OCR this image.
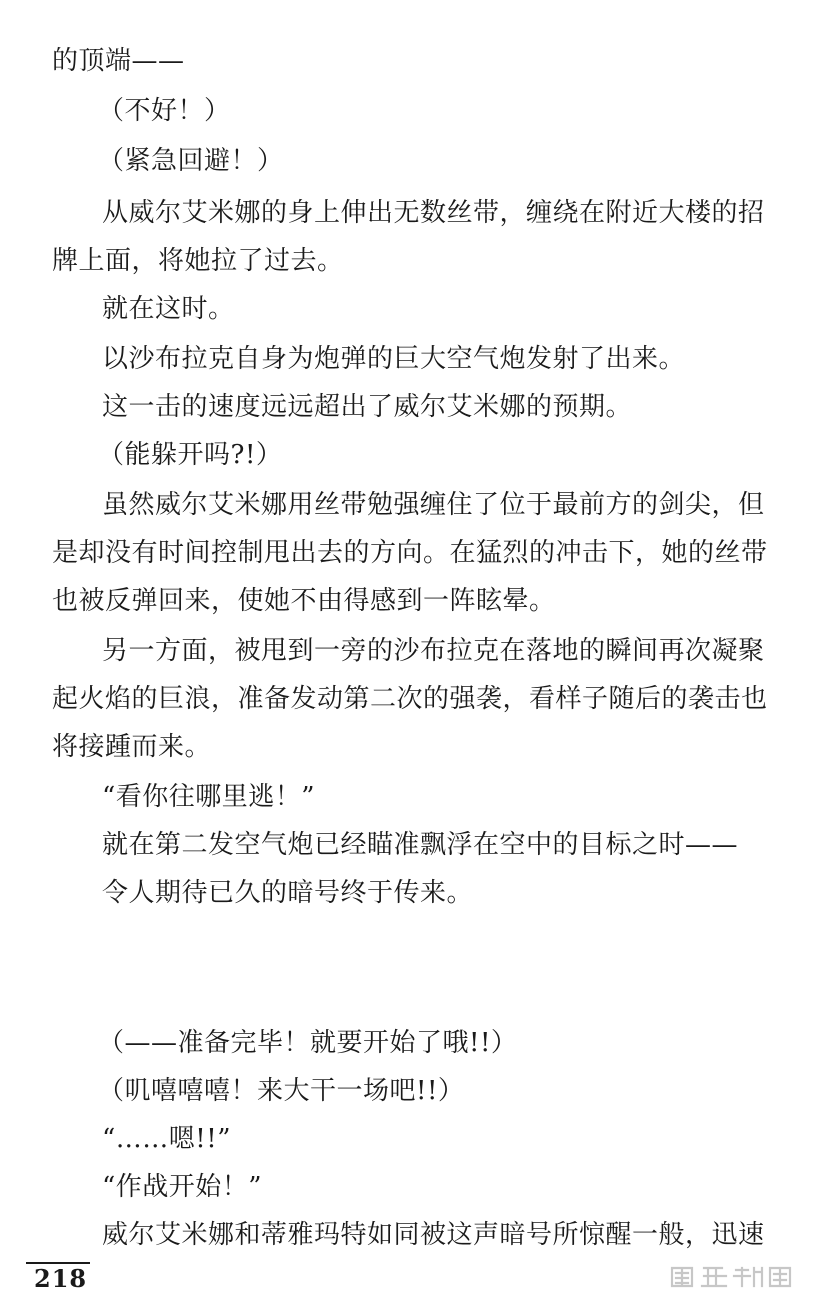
的顶端——
（不好！）
（紧急回避！）
从威尔艾米娜的身上伸出无数丝带，缠绕在附近大楼的招
牌上面，将她拉了过去。
就在这时。
以沙布拉克自身为炮弹的巨大空气炮发射了出来。
这一击的速度远远超出了威尔艾米娜的预期。
（能躲开吗?!）
虽然威尔艾米娜用丝带勉强缠住了位于最前方的剑尖，但
是却没有时间控制甩出去的方向。在猛烈的冲击下，她的丝带
也被反弹回来，使她不由得感到一阵眩晕。
另一方面，被甩到一旁的沙布拉克在落地的瞬间再次凝聚
起火焰的巨浪，准备发动第二次的强袭，看样子随后的袭击也
将接踵而来。
“看你往哪里逃！”
就在第二发空气炮已经瞄准飘浮在空中的目标之时——
令人期待已久的暗号终于传来。
（——准备完毕！就要开始了哦!!）
（叽嘻嘻嘻！来大干一场吧!!）
“……嗯!!”
“作战开始！”
威尔艾米娜和蒂雅玛特如同被这声暗号所惊醒一般，迅速
218
